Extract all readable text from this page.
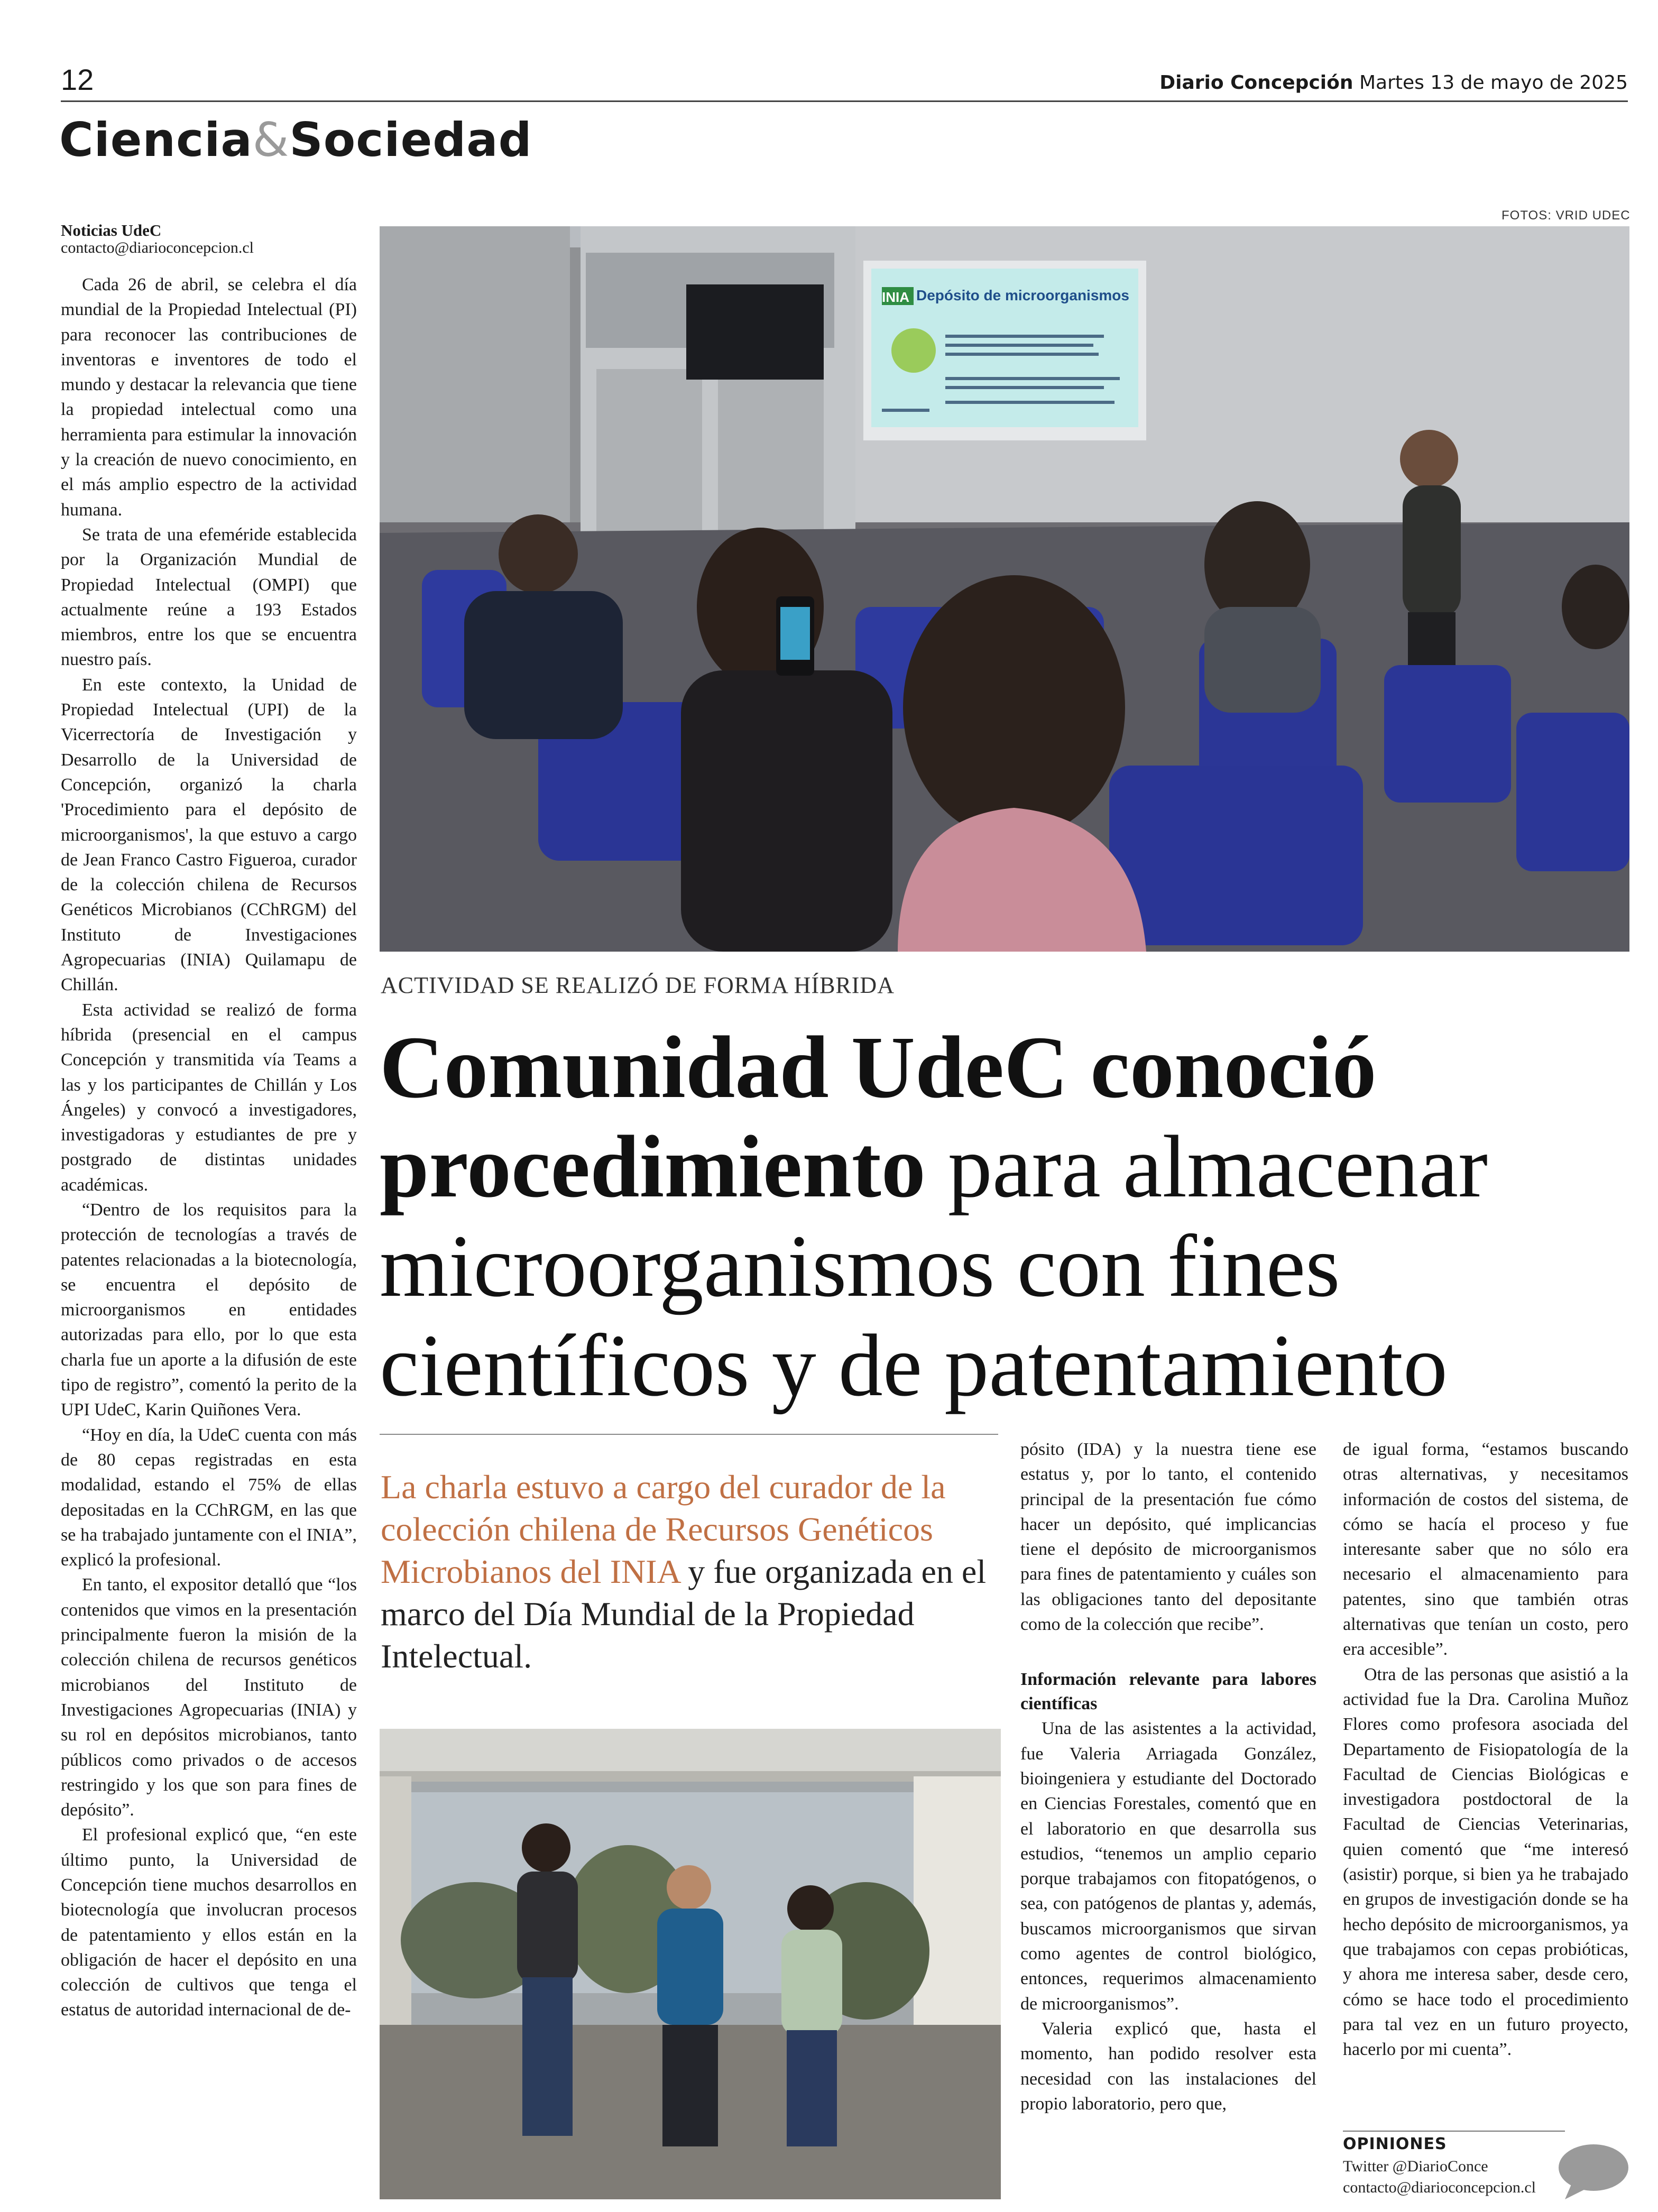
12	Diario Concepción Martes 13 de mayo de 2025
Ciencia&Sociedad
Noticias UdeC
contacto@diarioconcepcion.cl

Cada 26 de abril, se celebra el día mundial de la Propiedad Intelectual (PI) para reconocer las contribuciones de inventoras e inventores de todo el mundo y destacar la relevancia que tiene la propiedad intelectual como una herramienta para estimular la innovación y la creación de nuevo conocimiento, en el más amplio espectro de la actividad humana.

Se trata de una efeméride establecida por la Organización Mundial de Propiedad Intelectual (OMPI) que actualmente reúne a 193 Estados miembros, entre los que se encuentra nuestro país.

En este contexto, la Unidad de Propiedad Intelectual (UPI) de la Vicerrectoría de Investigación y Desarrollo de la Universidad de Concepción, organizó la charla 'Procedimiento para el depósito de microorganismos', la que estuvo a cargo de Jean Franco Castro Figueroa, curador de la colección chilena de Recursos Genéticos Microbianos (CChRGM) del Instituto de Investigaciones Agropecuarias (INIA) Quilamapu de Chillán.

Esta actividad se realizó de forma híbrida (presencial en el campus Concepción y transmitida vía Teams a las y los participantes de Chillán y Los Ángeles) y convocó a investigadores, investigadoras y estudiantes de pre y postgrado de distintas unidades académicas.

“Dentro de los requisitos para la protección de tecnologías a través de patentes relacionadas a la biotecnología, se encuentra el depósito de microorganismos en entidades autorizadas para ello, por lo que esta charla fue un aporte a la difusión de este tipo de registro”, comentó la perito de la UPI UdeC, Karin Quiñones Vera.

“Hoy en día, la UdeC cuenta con más de 80 cepas registradas en esta modalidad, estando el 75% de ellas depositadas en la CChRGM, en las que se ha trabajado juntamente con el INIA”, explicó la profesional.

En tanto, el expositor detalló que “los contenidos que vimos en la presentación principalmente fueron la misión de la colección chilena de recursos genéticos microbianos del Instituto de Investigaciones Agropecuarias (INIA) y su rol en depósitos microbianos, tanto públicos como privados o de accesos restringido y los que son para fines de depósito”.

El profesional explicó que, “en este último punto, la Universidad de Concepción tiene muchos desarrollos en biotecnología que involucran procesos de patentamiento y ellos están en la obligación de hacer el depósito en una colección de cultivos que tenga el estatus de autoridad internacional de de-

FOTOS: VRID UDEC
INIA Depósito de microorganismos
ACTIVIDAD SE REALIZÓ DE FORMA HÍBRIDA
Comunidad UdeC conoció procedimiento para almacenar microorganismos con fines científicos y de patentamiento
La charla estuvo a cargo del curador de la colección chilena de Recursos Genéticos Microbianos del INIA y fue organizada en el marco del Día Mundial de la Propiedad Intelectual.

pósito (IDA) y la nuestra tiene ese estatus y, por lo tanto, el contenido principal de la presentación fue cómo hacer un depósito, qué implicancias tiene el depósito de microorganismos para fines de patentamiento y cuáles son las obligaciones tanto del depositante como de la colección que recibe”.

Información relevante para labores científicas

Una de las asistentes a la actividad, fue Valeria Arriagada González, bioingeniera y estudiante del Doctorado en Ciencias Forestales, comentó que en el laboratorio en que desarrolla sus estudios, “tenemos un amplio cepario porque trabajamos con fitopatógenos, o sea, con patógenos de plantas y, además, buscamos microorganismos que sirvan como agentes de control biológico, entonces, requerimos almacenamiento de microorganismos”.

Valeria explicó que, hasta el momento, han podido resolver esta necesidad con las instalaciones del propio laboratorio, pero que,

de igual forma, “estamos buscando otras alternativas, y necesitamos información de costos del sistema, de cómo se hacía el proceso y fue interesante saber que no sólo era necesario el almacenamiento para patentes, sino que también otras alternativas que tenían un costo, pero era accesible”.

Otra de las personas que asistió a la actividad fue la Dra. Carolina Muñoz Flores como profesora asociada del Departamento de Fisiopatología de la Facultad de Ciencias Biológicas e investigadora postdoctoral de la Facultad de Ciencias Veterinarias, quien comentó que “me interesó (asistir) porque, si bien ya he trabajado en grupos de investigación donde se ha hecho depósito de microorganismos, ya que trabajamos con cepas probióticas, y ahora me interesa saber, desde cero, cómo se hace todo el procedimiento para tal vez en un futuro proyecto, hacerlo por mi cuenta”.

OPINIONES
Twitter @DiarioConce
contacto@diarioconcepcion.cl
